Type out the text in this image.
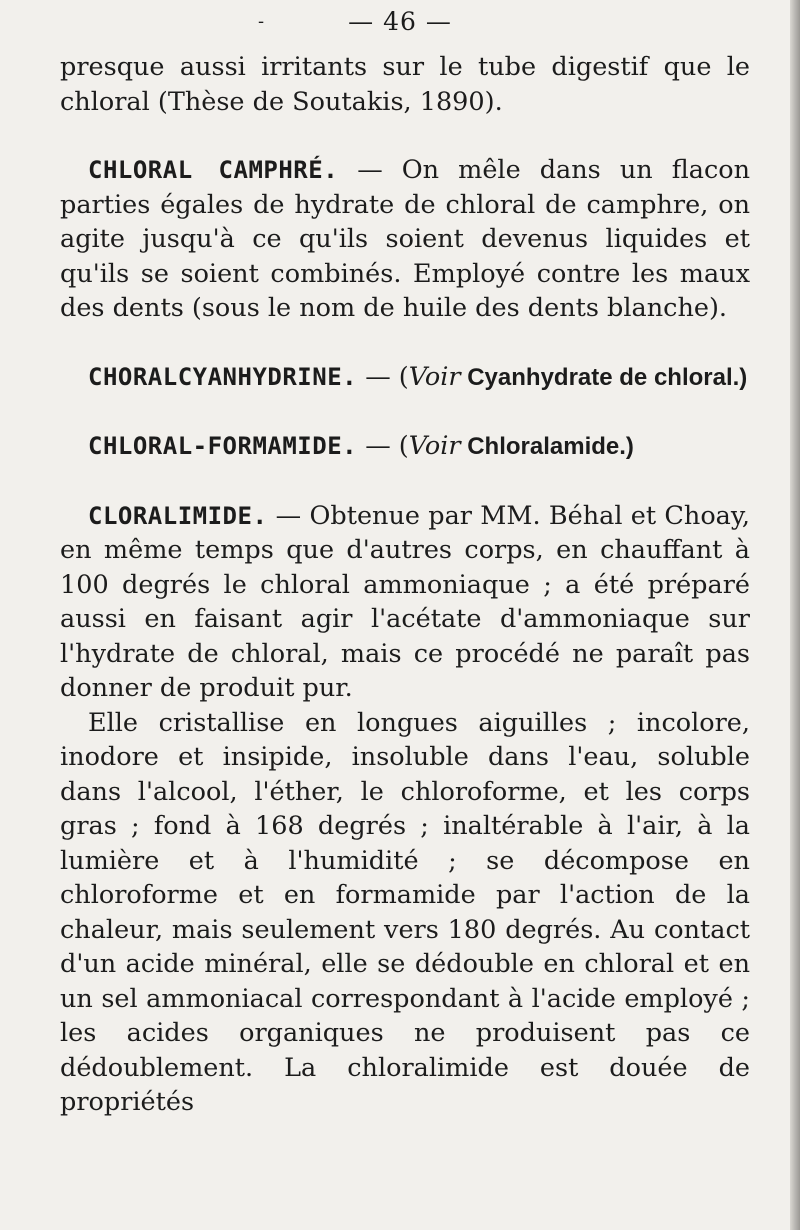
-	— 46 —

presque aussi irritants sur le tube digestif que le
chloral (Thèse de Soutakis, 1890).

CHLORAL CAMPHRÉ. — On mêle dans un flacon parties égales de hydrate de chloral de camphre, on agite jusqu'à ce qu'ils soient devenus liquides et qu'ils se soient combinés. Employé contre les maux des dents (sous le nom de huile des dents blanche).

CHORALCYANHYDRINE. — (Voir Cyanhydrate de chloral.)

CHLORAL-FORMAMIDE. — (Voir Chloralamide.)

CLORALIMIDE. — Obtenue par MM. Béhal et Choay, en même temps que d'autres corps, en chauffant à 100 degrés le chloral ammoniaque ; a été préparé aussi en faisant agir l'acétate d'ammoniaque sur l'hydrate de chloral, mais ce procédé ne paraît pas donner de produit pur.

Elle cristallise en longues aiguilles ; incolore, inodore et insipide, insoluble dans l'eau, soluble dans l'alcool, l'éther, le chloroforme, et les corps gras ; fond à 168 degrés ; inaltérable à l'air, à la lumière et à l'humidité ; se décompose en chloroforme et en formamide par l'action de la chaleur, mais seulement vers 180 degrés. Au contact d'un acide minéral, elle se dédouble en chloral et en un sel ammoniacal correspondant à l'acide employé ; les acides organiques ne produisent pas ce dédoublement. La chloralimide est douée de propriétés
